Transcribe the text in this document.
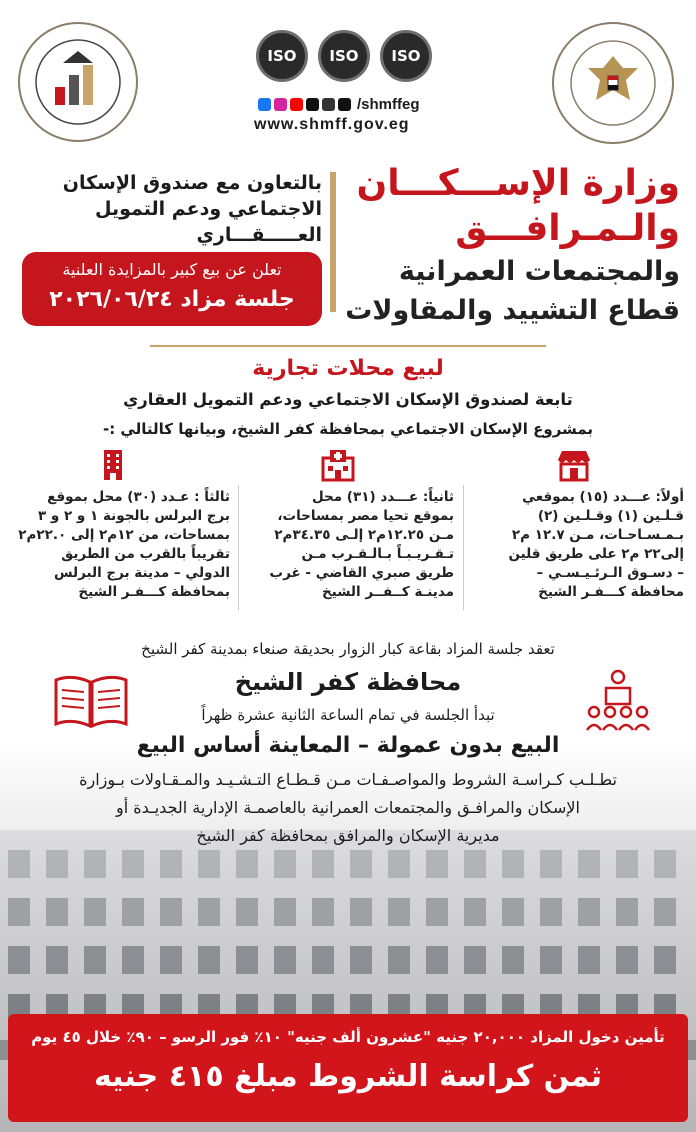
ISO	ISO	ISO
/shmffeg
www.shmff.gov.eg
وزارة الإســـكـــان
والـمـرافـــق
والمجتمعات العمرانية
قطاع التشييد والمقاولات
بالتعاون مع صندوق الإسكان
الاجتماعي ودعم التمويل
العـــــقـــاري
تعلن عن بيع كبير بالمزايدة العلنية
جلسة مزاد ٢٠٢٦/٠٦/٢٤
لبيع محلات تجارية
تابعة لصندوق الإسكان الاجتماعي ودعم التمويل العقاري
بمشروع الإسكان الاجتماعي بمحافظة كفر الشيخ، وبيانها كالتالي :-
ثالثاً : عـدد (٣٠) محل بموقع
برج البرلس بالجونة ١ و ٢ و ٣
بمساحات، من ١٢م٢ إلى ٢٢.٠م٢
تقريباً بالقرب من الطريق
الدولي – مدينة برج البرلس
بمحافظة كـــفـر الشيخ
ثانياً: عـــدد (٣١) محل
بموقع تحيا مصر بمساحات،
مـن ١٢.٢٥م٢ إلـى ٣٤.٣٥م٢
تـقـريـبـاً بـالـقـرب مـن
طريق صبري القاضي - غرب
مدينـة كــفــر الشيخ
أولاً: عـــدد (١٥) بموقعي
قـلـين (١) وقـلـين (٢)
بـمـسـاحـات، مـن ١٢.٧ م٢
إلى٢٢ م٢ على طريق قلين
– دسـوق الـرئـيـسـي –
محافظة كـــفـر الشيخ
تعقد جلسة المزاد بقاعة كبار الزوار بحديقة صنعاء بمدينة كفر الشيخ
محافظة كفر الشيخ
تبدأ الجلسة في تمام الساعة الثانية عشرة ظهراً
البيع بدون عمولة – المعاينة أساس البيع
تطـلـب كـراسـة الشروط والمواصـفـات مـن قـطـاع التـشـيـد والمـقـاولات بـوزارة
الإسكان والمرافـق والمجتمعات العمرانية بالعاصمـة الإدارية الجديـدة أو
مديرية الإسكان والمرافق بمحافظة كفر الشيخ
تأمين دخول المزاد ٢٠,٠٠٠ جنيه "عشرون ألف جنيه" ١٠٪ فور الرسو – ٩٠٪ خلال ٤٥ يوم
ثمن كراسة الشروط مبلغ ٤١٥ جنيه
